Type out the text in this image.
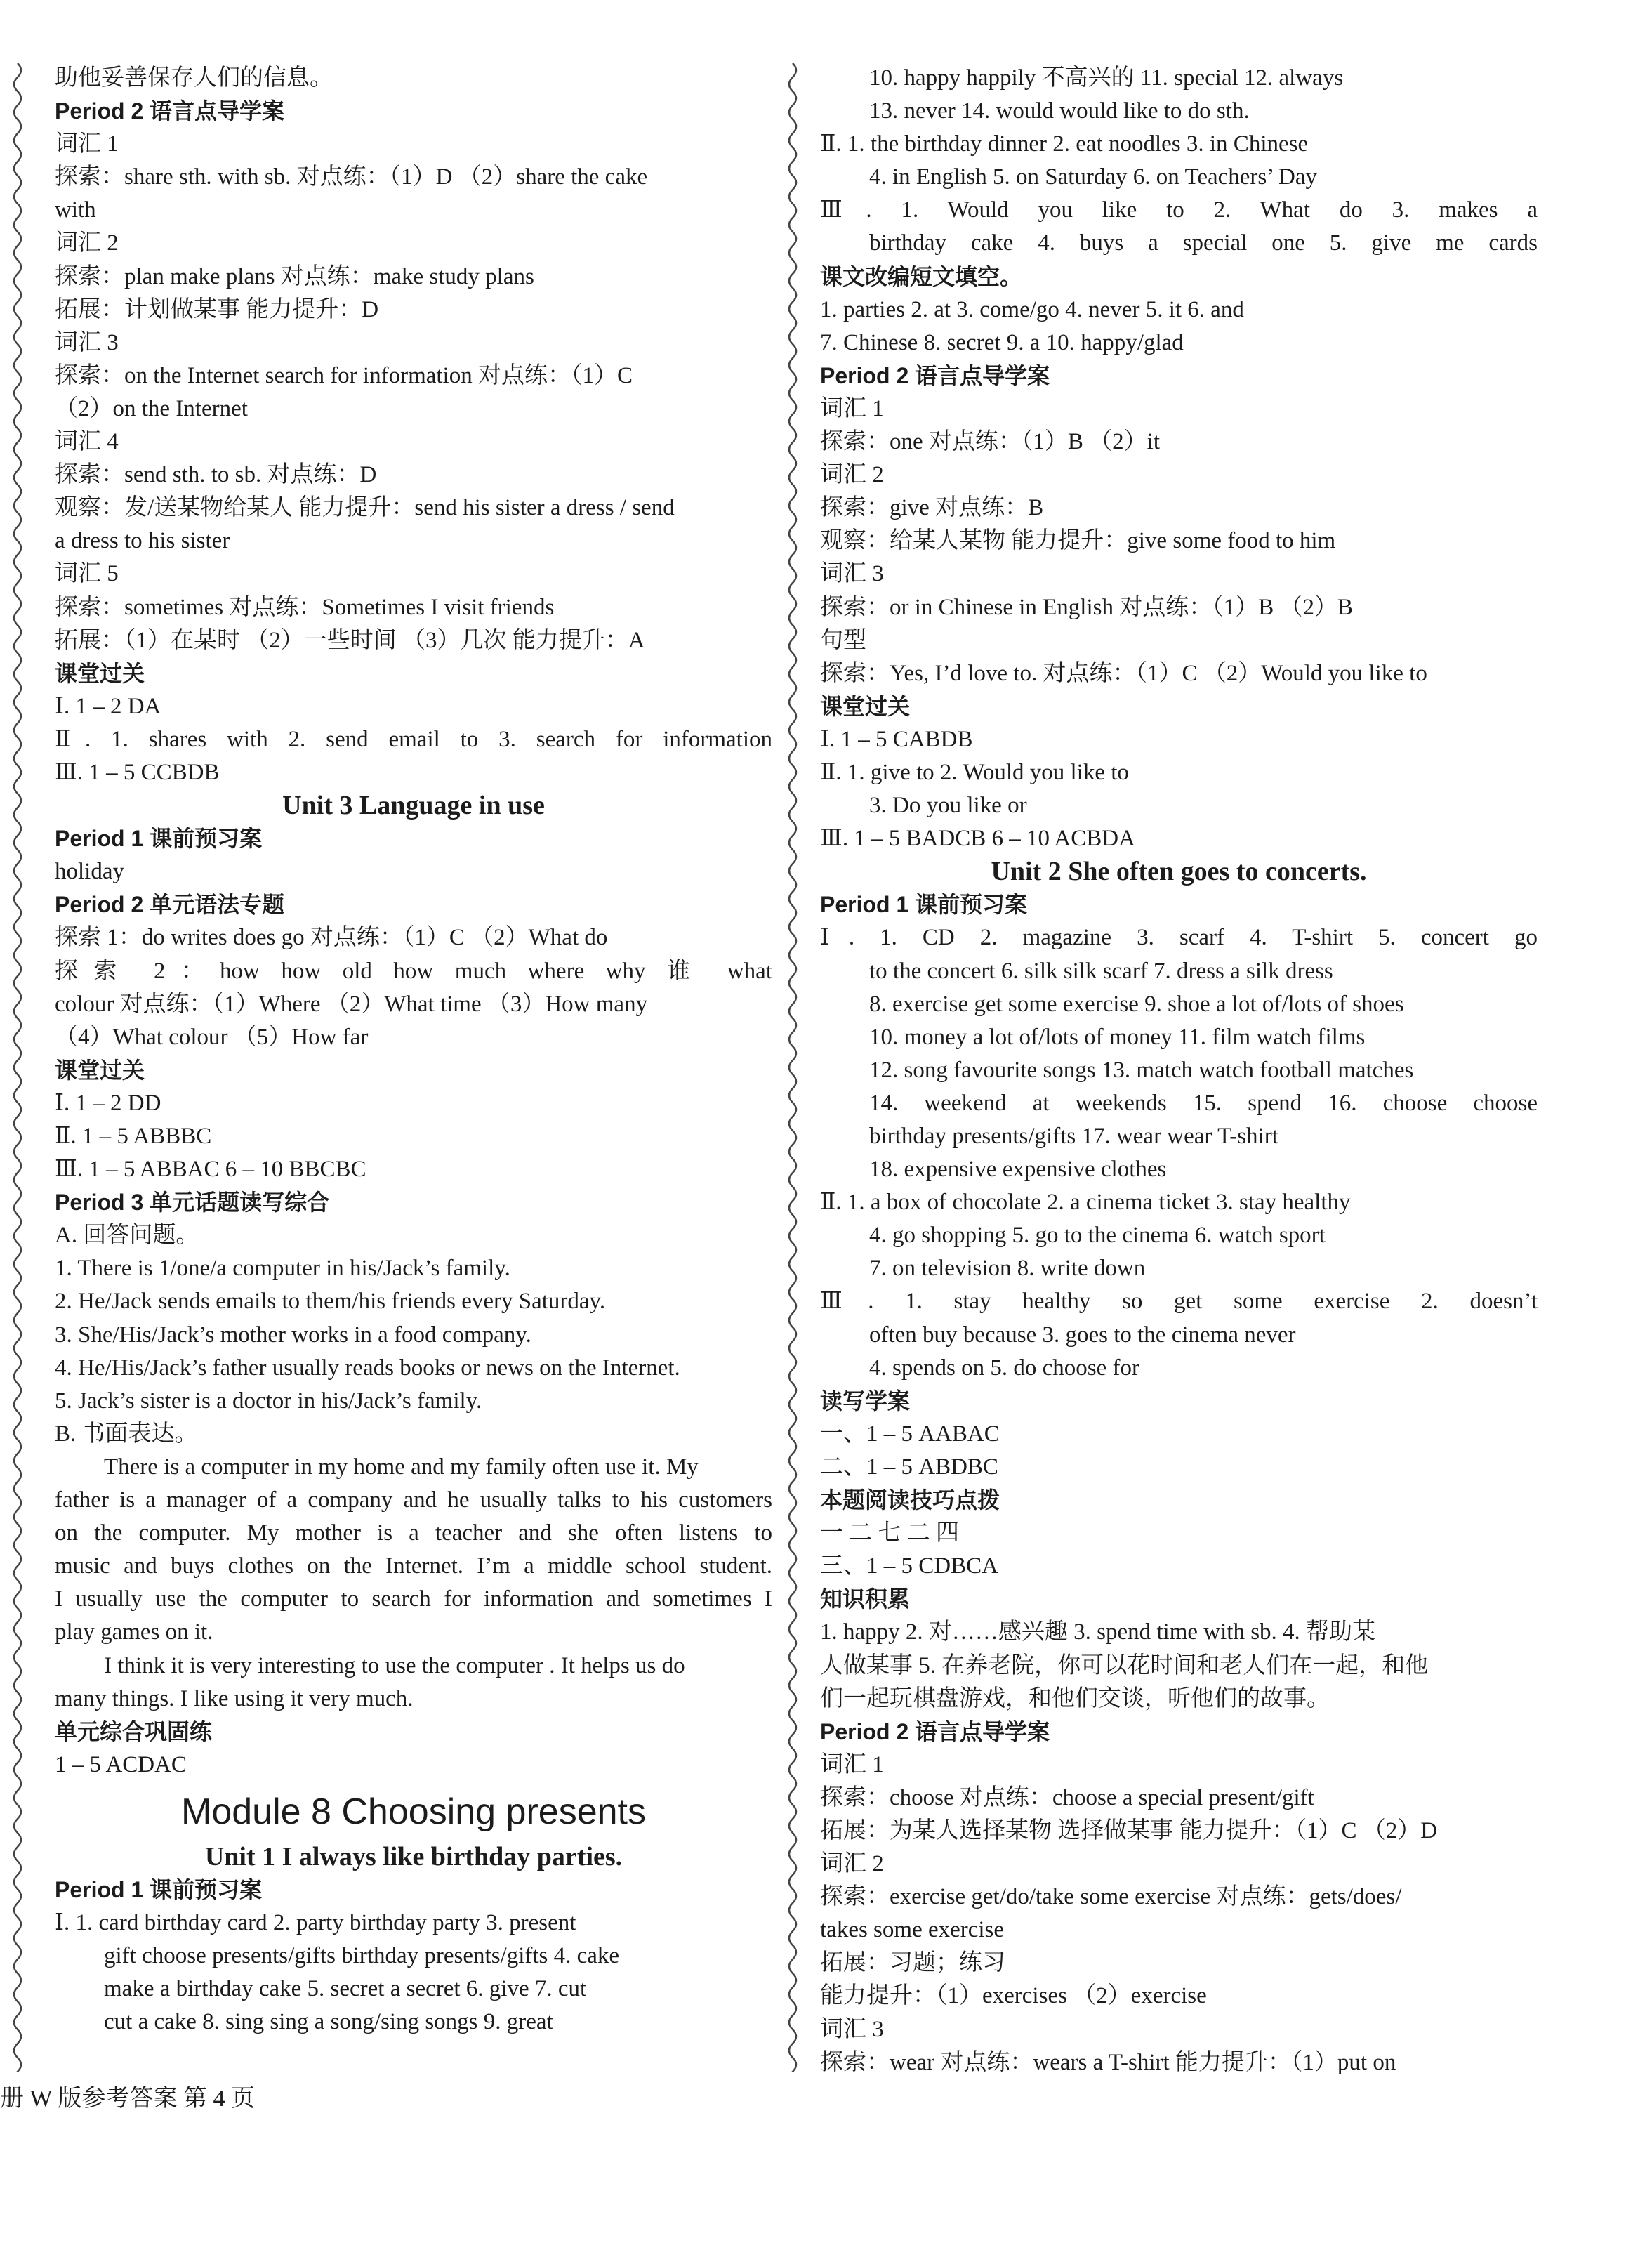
助他妥善保存人们的信息。
Period 2 语言点导学案
词汇 1
探索：share sth. with sb. 对点练：（1）D （2）share the cake
with
词汇 2
探索：plan make plans 对点练：make study plans
拓展：计划做某事 能力提升：D
词汇 3
探索：on the Internet search for information 对点练：（1）C
（2）on the Internet
词汇 4
探索：send sth. to sb. 对点练：D
观察：发/送某物给某人 能力提升：send his sister a dress / send
a dress to his sister
词汇 5
探索：sometimes 对点练：Sometimes I visit friends
拓展：（1）在某时 （2）一些时间 （3）几次 能力提升：A
课堂过关
Ⅰ. 1 – 2 DA
Ⅱ. 1. shares with 2. send email to 3. search for information
Ⅲ. 1 – 5 CCBDB
Unit 3 Language in use
Period 1 课前预习案
holiday
Period 2 单元语法专题
探索 1：do writes does go 对点练：（1）C （2）What do
探索 2：how how old how much where why 谁 what
colour 对点练：（1）Where （2）What time （3）How many
（4）What colour （5）How far
课堂过关
Ⅰ. 1 – 2 DD
Ⅱ. 1 – 5 ABBBC
Ⅲ. 1 – 5 ABBAC 6 – 10 BBCBC
Period 3 单元话题读写综合
A. 回答问题。
1. There is 1/one/a computer in his/Jack’s family.
2. He/Jack sends emails to them/his friends every Saturday.
3. She/His/Jack’s mother works in a food company.
4. He/His/Jack’s father usually reads books or news on the Internet.
5. Jack’s sister is a doctor in his/Jack’s family.
B. 书面表达。
There is a computer in my home and my family often use it. My
father is a manager of a company and he usually talks to his customers
on the computer. My mother is a teacher and she often listens to
music and buys clothes on the Internet. I’m a middle school student.
I usually use the computer to search for information and sometimes I
play games on it.
I think it is very interesting to use the computer . It helps us do
many things. I like using it very much.
单元综合巩固练
1 – 5 ACDAC
Module 8 Choosing presents
Unit 1 I always like birthday parties.
Period 1 课前预习案
Ⅰ. 1. card birthday card 2. party birthday party 3. present
gift choose presents/gifts birthday presents/gifts 4. cake
make a birthday cake 5. secret a secret 6. give 7. cut
cut a cake 8. sing sing a song/sing songs 9. great
10. happy happily 不高兴的 11. special 12. always
13. never 14. would would like to do sth.
Ⅱ. 1. the birthday dinner 2. eat noodles 3. in Chinese
4. in English 5. on Saturday 6. on Teachers’ Day
Ⅲ. 1. Would you like to 2. What do 3. makes a
birthday cake 4. buys a special one 5. give me cards
课文改编短文填空。
1. parties 2. at 3. come/go 4. never 5. it 6. and
7. Chinese 8. secret 9. a 10. happy/glad
Period 2 语言点导学案
词汇 1
探索：one 对点练：（1）B （2）it
词汇 2
探索：give 对点练：B
观察：给某人某物 能力提升：give some food to him
词汇 3
探索：or in Chinese in English 对点练：（1）B （2）B
句型
探索：Yes, I’d love to. 对点练：（1）C （2）Would you like to
课堂过关
Ⅰ. 1 – 5 CABDB
Ⅱ. 1. give to 2. Would you like to
3. Do you like or
Ⅲ. 1 – 5 BADCB 6 – 10 ACBDA
Unit 2 She often goes to concerts.
Period 1 课前预习案
Ⅰ. 1. CD 2. magazine 3. scarf 4. T-shirt 5. concert go
to the concert 6. silk silk scarf 7. dress a silk dress
8. exercise get some exercise 9. shoe a lot of/lots of shoes
10. money a lot of/lots of money 11. film watch films
12. song favourite songs 13. match watch football matches
14. weekend at weekends 15. spend 16. choose choose
birthday presents/gifts 17. wear wear T-shirt
18. expensive expensive clothes
Ⅱ. 1. a box of chocolate 2. a cinema ticket 3. stay healthy
4. go shopping 5. go to the cinema 6. watch sport
7. on television 8. write down
Ⅲ. 1. stay healthy so get some exercise 2. doesn’t
often buy because 3. goes to the cinema never
4. spends on 5. do choose for
读写学案
一、1 – 5 AABAC
二、1 – 5 ABDBC
本题阅读技巧点拨
一 二 七 二 四
三、1 – 5 CDBCA
知识积累
1. happy 2. 对……感兴趣 3. spend time with sb. 4. 帮助某
人做某事 5. 在养老院，你可以花时间和老人们在一起，和他
们一起玩棋盘游戏，和他们交谈，听他们的故事。
Period 2 语言点导学案
词汇 1
探索：choose 对点练：choose a special present/gift
拓展：为某人选择某物 选择做某事 能力提升：（1）C （2）D
词汇 2
探索：exercise get/do/take some exercise 对点练：gets/does/
takes some exercise
拓展：习题；练习
能力提升：（1）exercises （2）exercise
词汇 3
探索：wear 对点练：wears a T-shirt 能力提升：（1）put on
册 W 版参考答案 第 4 页
